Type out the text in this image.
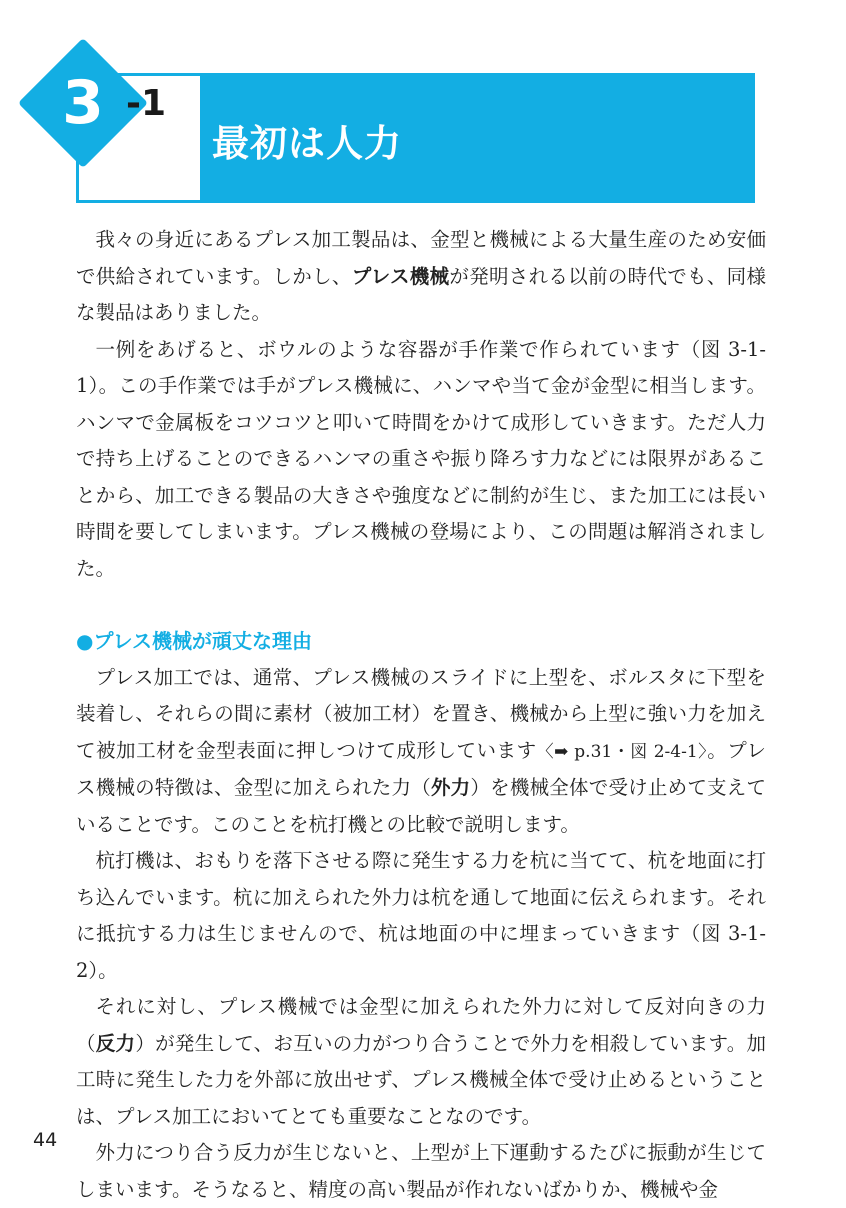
3 -1
最初は人力

我々の身近にあるプレス加工製品は、金型と機械による大量生産のため安価で供給されています。しかし、プレス機械が発明される以前の時代でも、同様な製品はありました。

一例をあげると、ボウルのような容器が手作業で作られています（図 3-1-1）。この手作業では手がプレス機械に、ハンマや当て金が金型に相当します。ハンマで金属板をコツコツと叩いて時間をかけて成形していきます。ただ人力で持ち上げることのできるハンマの重さや振り降ろす力などには限界があることから、加工できる製品の大きさや強度などに制約が生じ、また加工には長い時間を要してしまいます。プレス機械の登場により、この問題は解消されました。

●プレス機械が頑丈な理由

プレス加工では、通常、プレス機械のスライドに上型を、ボルスタに下型を装着し、それらの間に素材（被加工材）を置き、機械から上型に強い力を加えて被加工材を金型表面に押しつけて成形しています〈➡ p.31・図 2-4-1〉。プレス機械の特徴は、金型に加えられた力（外力）を機械全体で受け止めて支えていることです。このことを杭打機との比較で説明します。

杭打機は、おもりを落下させる際に発生する力を杭に当てて、杭を地面に打ち込んでいます。杭に加えられた外力は杭を通して地面に伝えられます。それに抵抗する力は生じませんので、杭は地面の中に埋まっていきます（図 3-1-2）。

それに対し、プレス機械では金型に加えられた外力に対して反対向きの力（反力）が発生して、お互いの力がつり合うことで外力を相殺しています。加工時に発生した力を外部に放出せず、プレス機械全体で受け止めるということは、プレス加工においてとても重要なことなのです。

外力につり合う反力が生じないと、上型が上下運動するたびに振動が生じてしまいます。そうなると、精度の高い製品が作れないばかりか、機械や金

44
